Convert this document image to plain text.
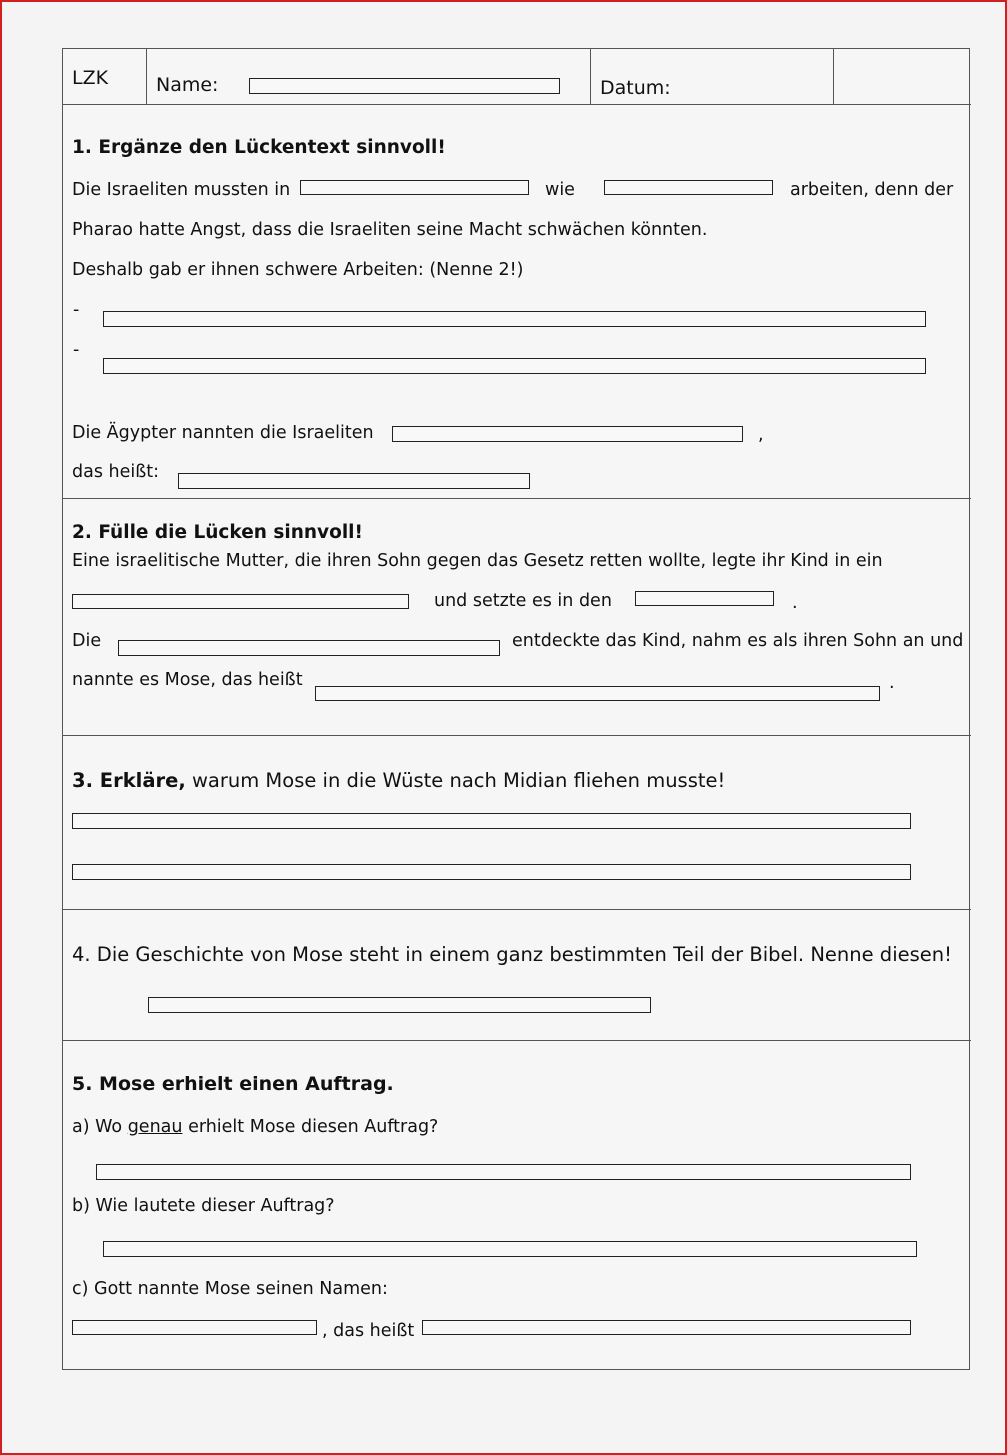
LZK	Name:	Datum:
1. Ergänze den Lückentext sinnvoll!
Die Israeliten mussten in	wie	arbeiten, denn der
Pharao hatte Angst, dass die Israeliten seine Macht schwächen könnten.
Deshalb gab er ihnen schwere Arbeiten: (Nenne 2!)
-
-
Die Ägypter nannten die Israeliten	,
das heißt:
2. Fülle die Lücken sinnvoll!
Eine israelitische Mutter, die ihren Sohn gegen das Gesetz retten wollte, legte ihr Kind in ein
und setzte es in den	.
Die	entdeckte das Kind, nahm es als ihren Sohn an und
nannte es Mose, das heißt	.
3. Erkläre, warum Mose in die Wüste nach Midian fliehen musste!
4. Die Geschichte von Mose steht in einem ganz bestimmten Teil der Bibel. Nenne diesen!
5. Mose erhielt einen Auftrag.
a) Wo genau erhielt Mose diesen Auftrag?
b) Wie lautete dieser Auftrag?
c) Gott nannte Mose seinen Namen:
, das heißt
